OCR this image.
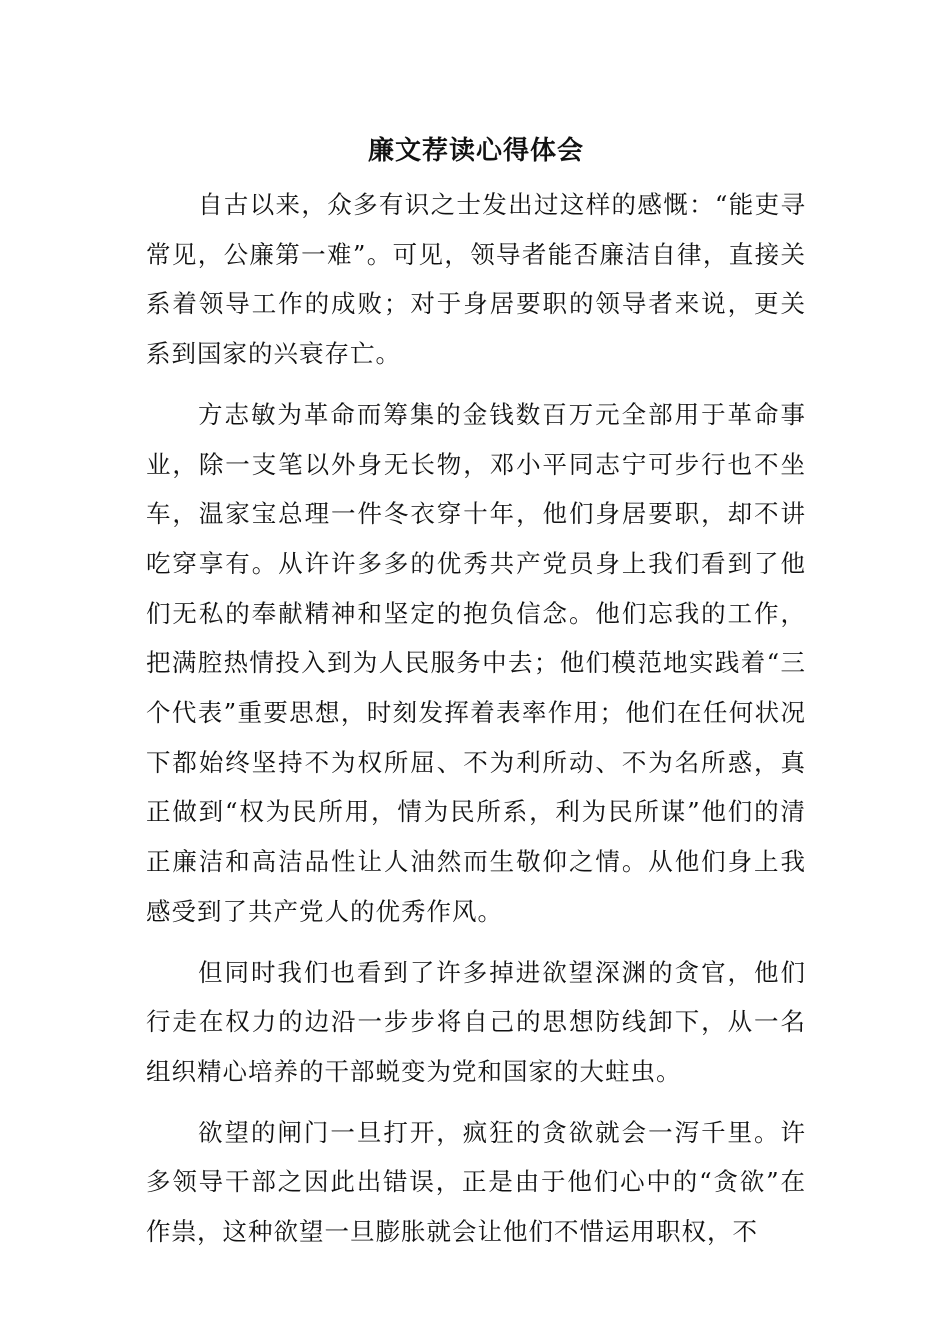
廉文荐读心得体会

自古以来，众多有识之士发出过这样的感慨：“能吏寻常见，公廉第一难”。可见，领导者能否廉洁自律，直接关系着领导工作的成败；对于身居要职的领导者来说，更关系到国家的兴衰存亡。

方志敏为革命而筹集的金钱数百万元全部用于革命事业，除一支笔以外身无长物，邓小平同志宁可步行也不坐车，温家宝总理一件冬衣穿十年，他们身居要职，却不讲吃穿享有。从许许多多的优秀共产党员身上我们看到了他们无私的奉献精神和坚定的抱负信念。他们忘我的工作，把满腔热情投入到为人民服务中去；他们模范地实践着“三个代表”重要思想，时刻发挥着表率作用；他们在任何状况下都始终坚持不为权所屈、不为利所动、不为名所惑，真正做到“权为民所用，情为民所系，利为民所谋”他们的清正廉洁和高洁品性让人油然而生敬仰之情。从他们身上我感受到了共产党人的优秀作风。

但同时我们也看到了许多掉进欲望深渊的贪官，他们行走在权力的边沿一步步将自己的思想防线卸下，从一名组织精心培养的干部蜕变为党和国家的大蛀虫。

欲望的闸门一旦打开，疯狂的贪欲就会一泻千里。许多领导干部之因此出错误，正是由于他们心中的“贪欲”在作祟，这种欲望一旦膨胀就会让他们不惜运用职权，不
